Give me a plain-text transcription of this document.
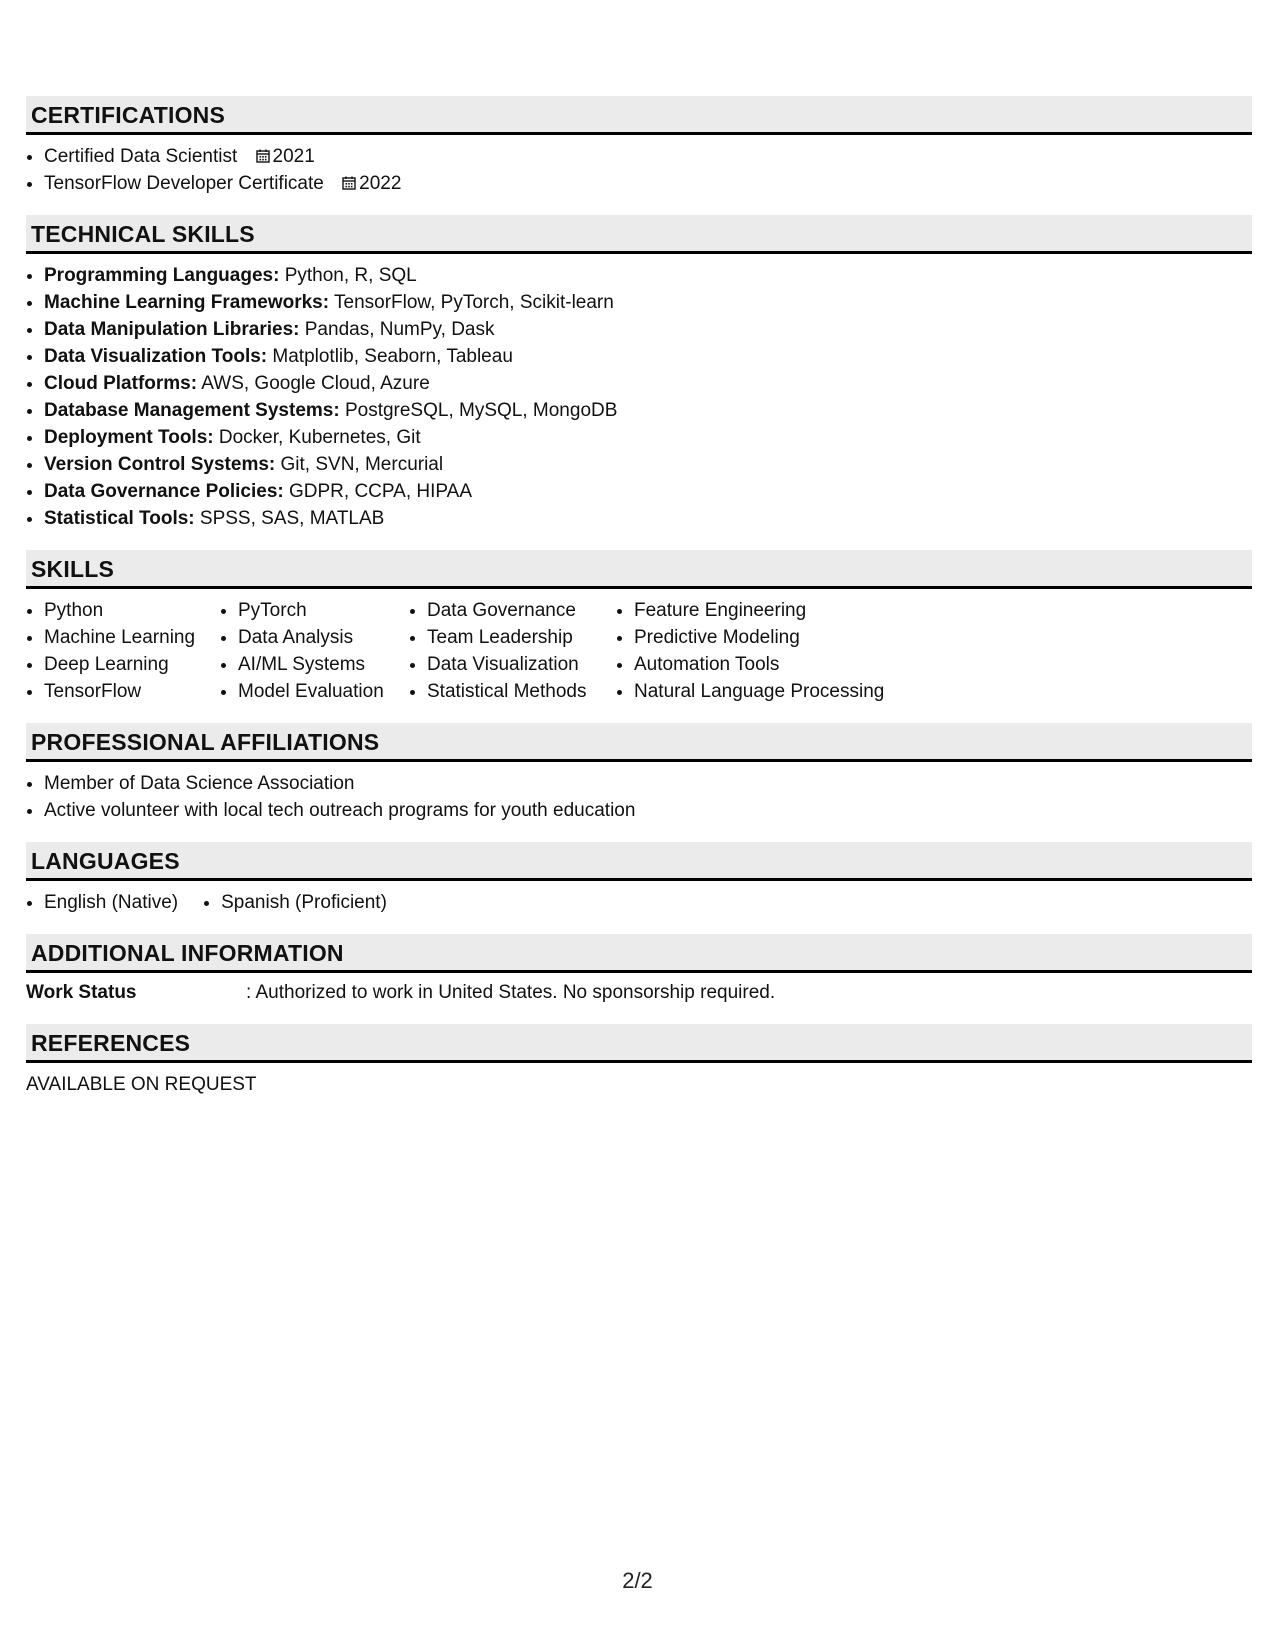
CERTIFICATIONS
• Certified Data Scientist 2021
• TensorFlow Developer Certificate 2022
TECHNICAL SKILLS
• Programming Languages: Python, R, SQL
• Machine Learning Frameworks: TensorFlow, PyTorch, Scikit-learn
• Data Manipulation Libraries: Pandas, NumPy, Dask
• Data Visualization Tools: Matplotlib, Seaborn, Tableau
• Cloud Platforms: AWS, Google Cloud, Azure
• Database Management Systems: PostgreSQL, MySQL, MongoDB
• Deployment Tools: Docker, Kubernetes, Git
• Version Control Systems: Git, SVN, Mercurial
• Data Governance Policies: GDPR, CCPA, HIPAA
• Statistical Tools: SPSS, SAS, MATLAB
SKILLS
• Python
• Machine Learning
• Deep Learning
• TensorFlow
• PyTorch
• Data Analysis
• AI/ML Systems
• Model Evaluation
• Data Governance
• Team Leadership
• Data Visualization
• Statistical Methods
• Feature Engineering
• Predictive Modeling
• Automation Tools
• Natural Language Processing
PROFESSIONAL AFFILIATIONS
• Member of Data Science Association
• Active volunteer with local tech outreach programs for youth education
LANGUAGES
• English (Native)
• Spanish (Proficient)
ADDITIONAL INFORMATION
Work Status	: Authorized to work in United States. No sponsorship required.
REFERENCES
AVAILABLE ON REQUEST
2/2
